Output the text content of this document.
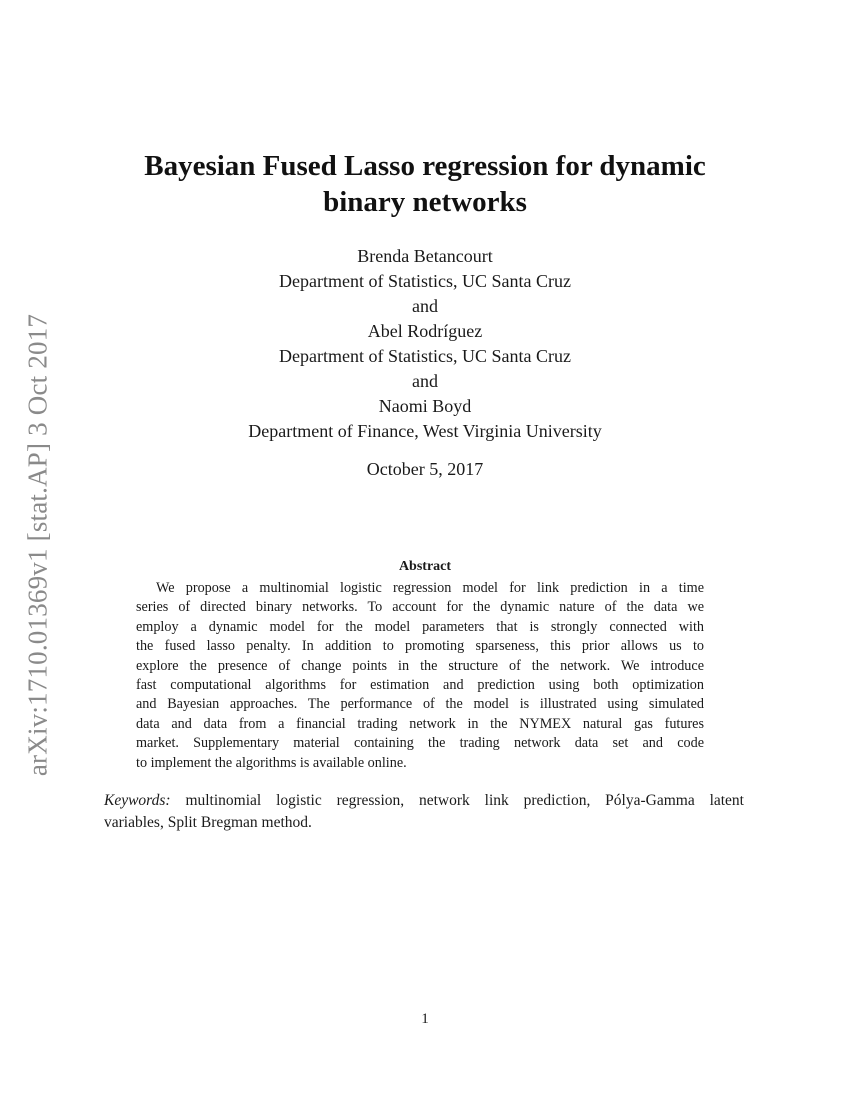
arXiv:1710.01369v1 [stat.AP] 3 Oct 2017
Bayesian Fused Lasso regression for dynamic
binary networks
Brenda Betancourt
Department of Statistics, UC Santa Cruz
and
Abel Rodríguez
Department of Statistics, UC Santa Cruz
and
Naomi Boyd
Department of Finance, West Virginia University
October 5, 2017
Abstract
We propose a multinomial logistic regression model for link prediction in a time
series of directed binary networks. To account for the dynamic nature of the data we
employ a dynamic model for the model parameters that is strongly connected with
the fused lasso penalty. In addition to promoting sparseness, this prior allows us to
explore the presence of change points in the structure of the network. We introduce
fast computational algorithms for estimation and prediction using both optimization
and Bayesian approaches. The performance of the model is illustrated using simulated
data and data from a financial trading network in the NYMEX natural gas futures
market. Supplementary material containing the trading network data set and code
to implement the algorithms is available online.
Keywords: multinomial logistic regression, network link prediction, Pólya-Gamma latent
variables, Split Bregman method.
1
